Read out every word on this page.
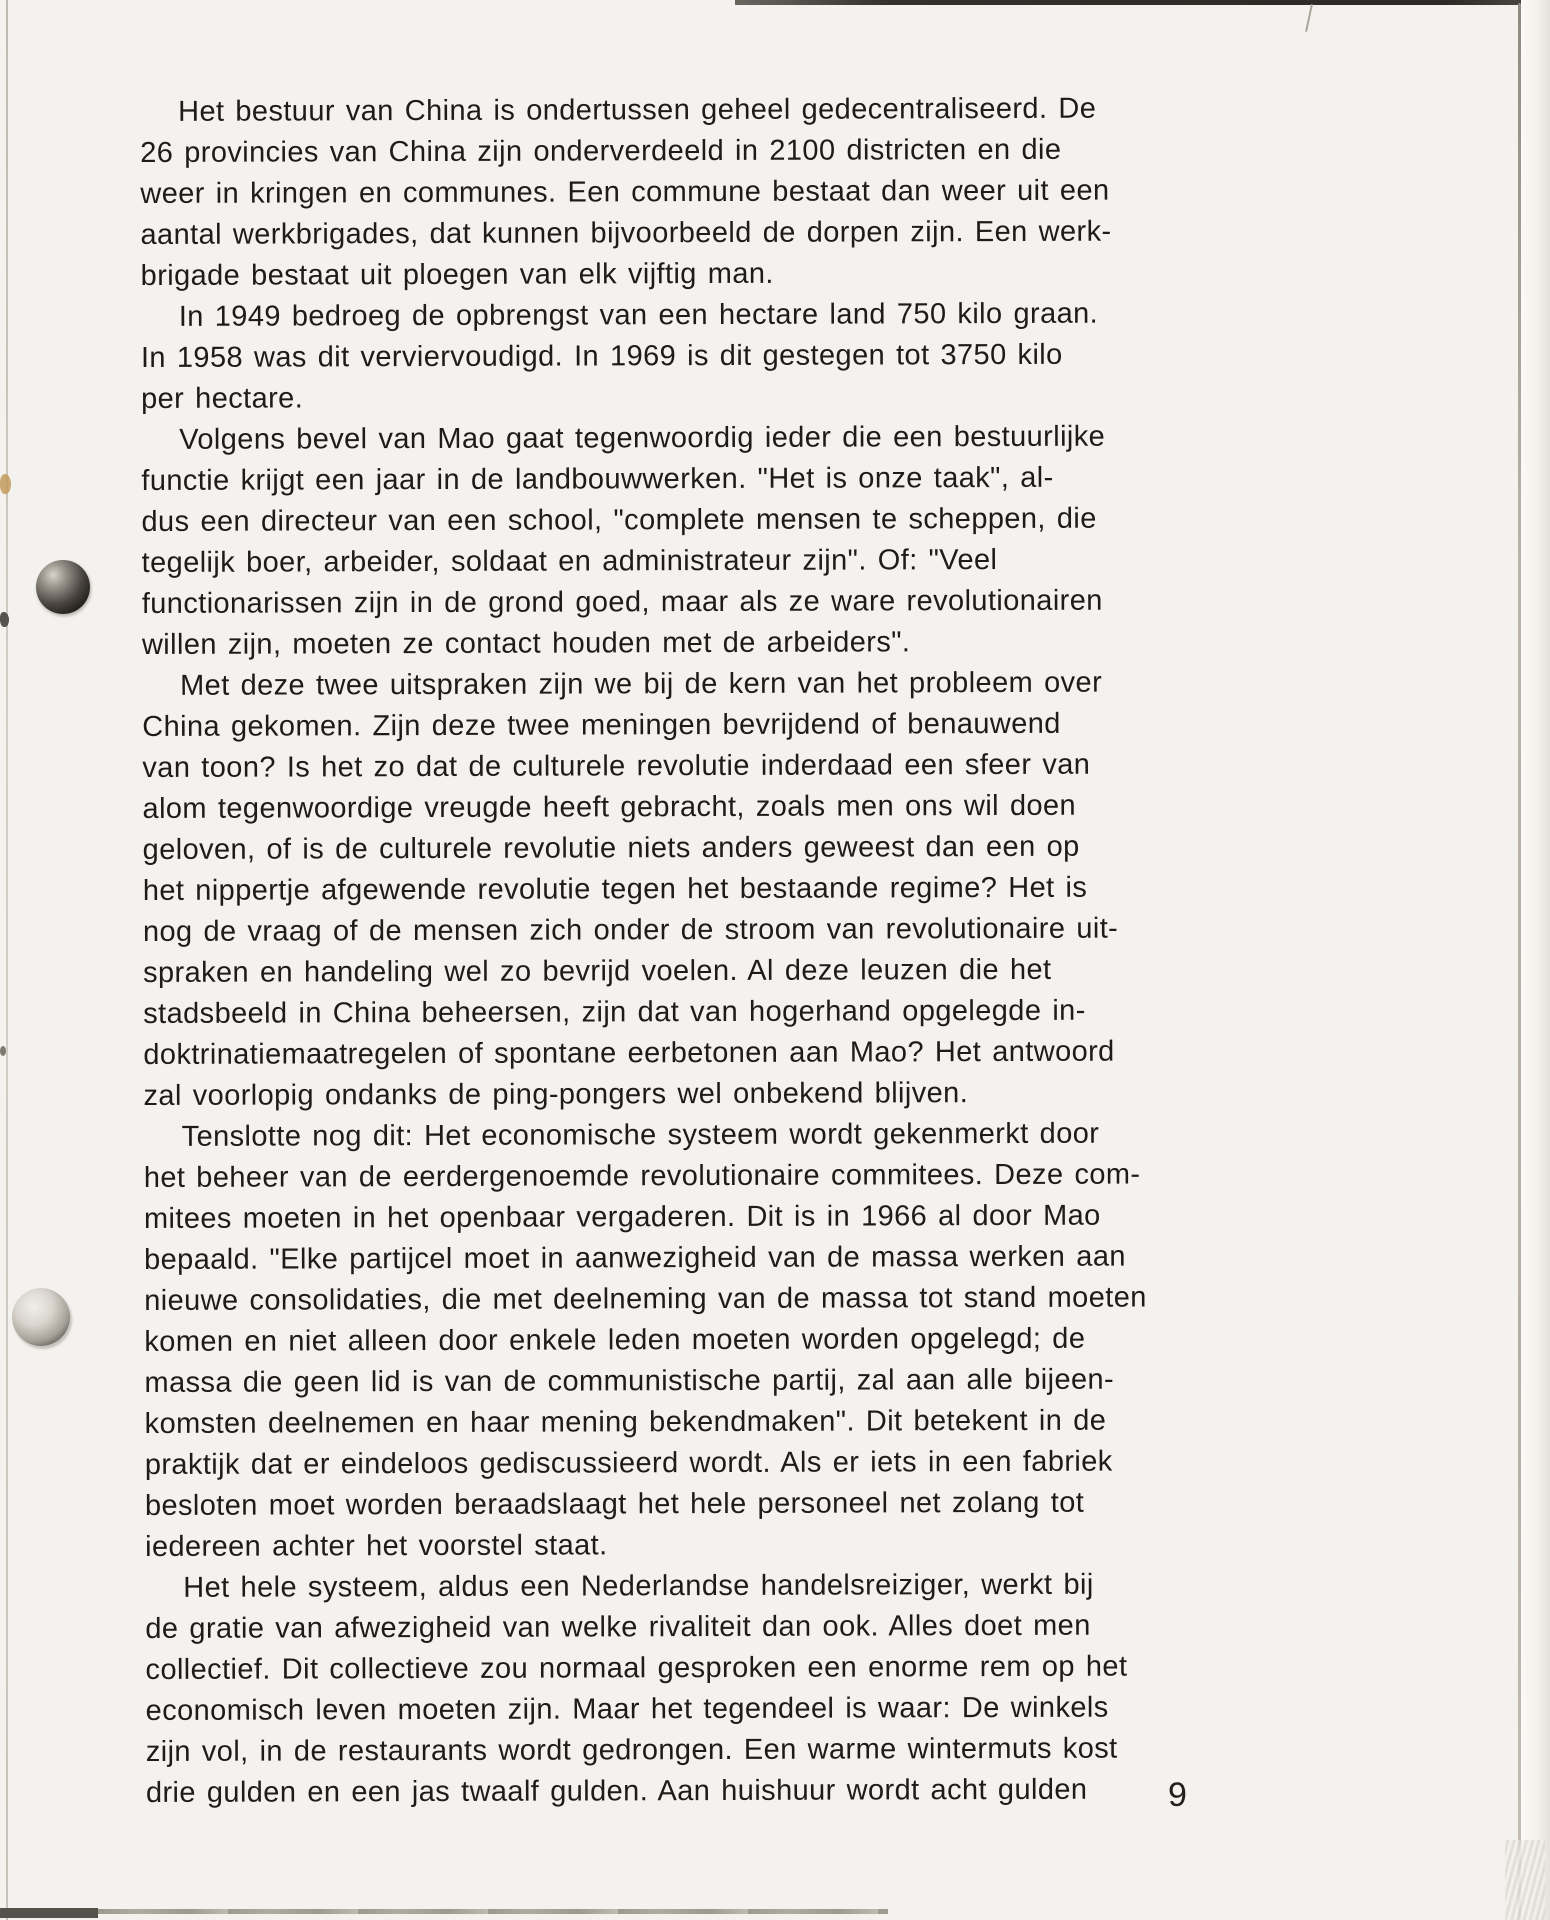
Het bestuur van China is ondertussen geheel gedecentraliseerd. De
26 provincies van China zijn onderverdeeld in 2100 districten en die
weer in kringen en communes. Een commune bestaat dan weer uit een
aantal werkbrigades, dat kunnen bijvoorbeeld de dorpen zijn. Een werk-
brigade bestaat uit ploegen van elk vijftig man.
In 1949 bedroeg de opbrengst van een hectare land 750 kilo graan.
In 1958 was dit verviervoudigd. In 1969 is dit gestegen tot 3750 kilo
per hectare.
Volgens bevel van Mao gaat tegenwoordig ieder die een bestuurlijke
functie krijgt een jaar in de landbouwwerken. "Het is onze taak", al-
dus een directeur van een school, "complete mensen te scheppen, die
tegelijk boer, arbeider, soldaat en administrateur zijn". Of: "Veel
functionarissen zijn in de grond goed, maar als ze ware revolutionairen
willen zijn, moeten ze contact houden met de arbeiders".
Met deze twee uitspraken zijn we bij de kern van het probleem over
China gekomen. Zijn deze twee meningen bevrijdend of benauwend
van toon? Is het zo dat de culturele revolutie inderdaad een sfeer van
alom tegenwoordige vreugde heeft gebracht, zoals men ons wil doen
geloven, of is de culturele revolutie niets anders geweest dan een op
het nippertje afgewende revolutie tegen het bestaande regime? Het is
nog de vraag of de mensen zich onder de stroom van revolutionaire uit-
spraken en handeling wel zo bevrijd voelen. Al deze leuzen die het
stadsbeeld in China beheersen, zijn dat van hogerhand opgelegde in-
doktrinatiemaatregelen of spontane eerbetonen aan Mao? Het antwoord
zal voorlopig ondanks de ping-pongers wel onbekend blijven.
Tenslotte nog dit: Het economische systeem wordt gekenmerkt door
het beheer van de eerdergenoemde revolutionaire commitees. Deze com-
mitees moeten in het openbaar vergaderen. Dit is in 1966 al door Mao
bepaald. "Elke partijcel moet in aanwezigheid van de massa werken aan
nieuwe consolidaties, die met deelneming van de massa tot stand moeten
komen en niet alleen door enkele leden moeten worden opgelegd; de
massa die geen lid is van de communistische partij, zal aan alle bijeen-
komsten deelnemen en haar mening bekendmaken". Dit betekent in de
praktijk dat er eindeloos gediscussieerd wordt. Als er iets in een fabriek
besloten moet worden beraadslaagt het hele personeel net zolang tot
iedereen achter het voorstel staat.
Het hele systeem, aldus een Nederlandse handelsreiziger, werkt bij
de gratie van afwezigheid van welke rivaliteit dan ook. Alles doet men
collectief. Dit collectieve zou normaal gesproken een enorme rem op het
economisch leven moeten zijn. Maar het tegendeel is waar: De winkels
zijn vol, in de restaurants wordt gedrongen. Een warme wintermuts kost
drie gulden en een jas twaalf gulden. Aan huishuur wordt acht gulden	9
